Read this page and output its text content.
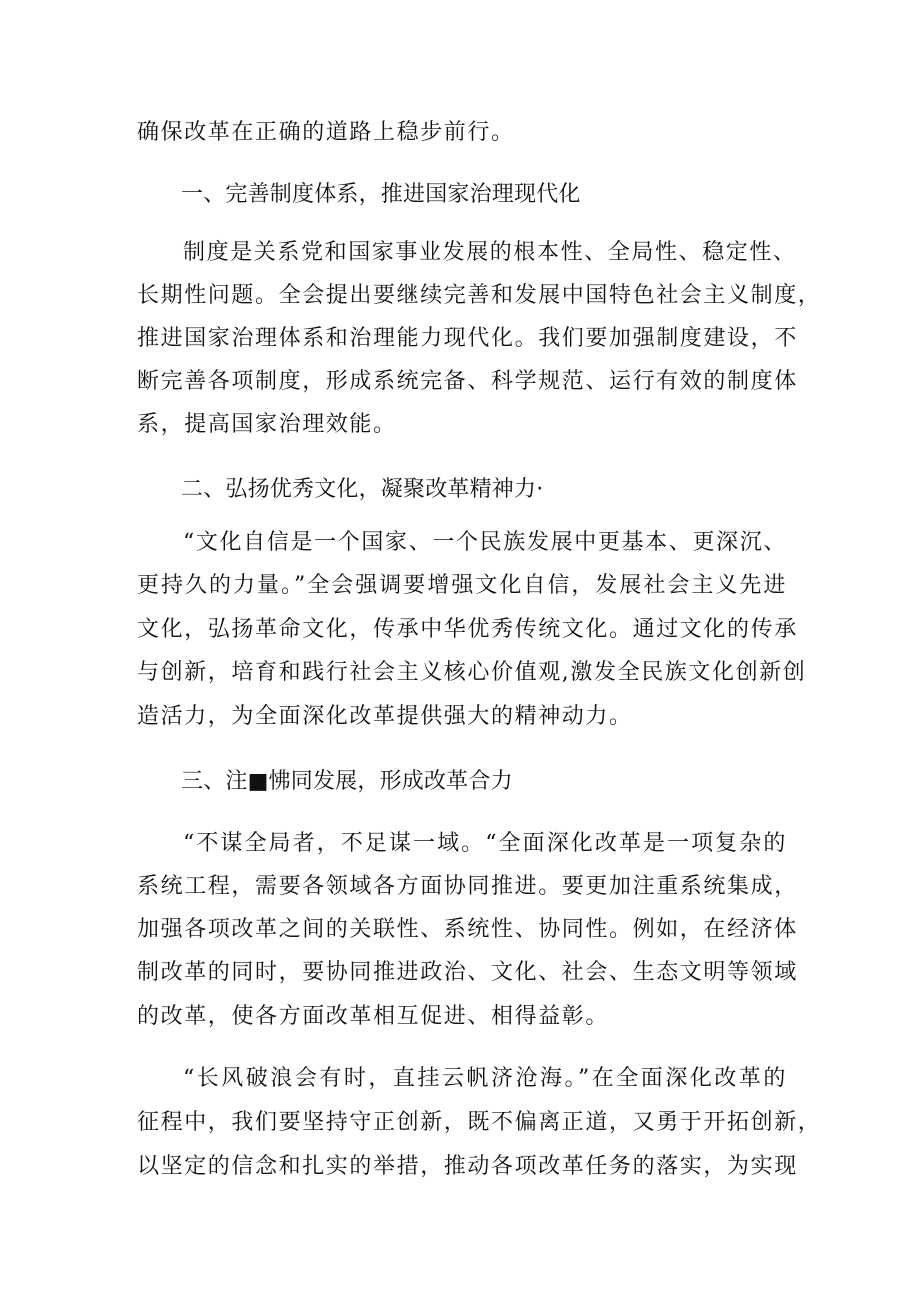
确保改革在正确的道路上稳步前行。
一、完善制度体系，推进国家治理现代化
制度是关系党和国家事业发展的根本性、全局性、稳定性、
长期性问题。全会提出要继续完善和发展中国特色社会主义制度，
推进国家治理体系和治理能力现代化。我们要加强制度建设，不
断完善各项制度，形成系统完备、科学规范、运行有效的制度体
系，提高国家治理效能。
二、弘扬优秀文化，凝聚改革精神力·
“文化自信是一个国家、一个民族发展中更基本、更深沉、
更持久的力量。”全会强调要增强文化自信，发展社会主义先进
文化，弘扬革命文化，传承中华优秀传统文化。通过文化的传承
与创新，培育和践行社会主义核心价值观,激发全民族文化创新创
造活力，为全面深化改革提供强大的精神动力。
三、注■怫同发展，形成改革合力
“不谋全局者，不足谋一域。“全面深化改革是一项复杂的
系统工程，需要各领域各方面协同推进。要更加注重系统集成，
加强各项改革之间的关联性、系统性、协同性。例如，在经济体
制改革的同时，要协同推进政治、文化、社会、生态文明等领域
的改革，使各方面改革相互促进、相得益彰。
“长风破浪会有时，直挂云帆济沧海。”在全面深化改革的
征程中，我们要坚持守正创新，既不偏离正道，又勇于开拓创新，
以坚定的信念和扎实的举措，推动各项改革任务的落实，为实现
